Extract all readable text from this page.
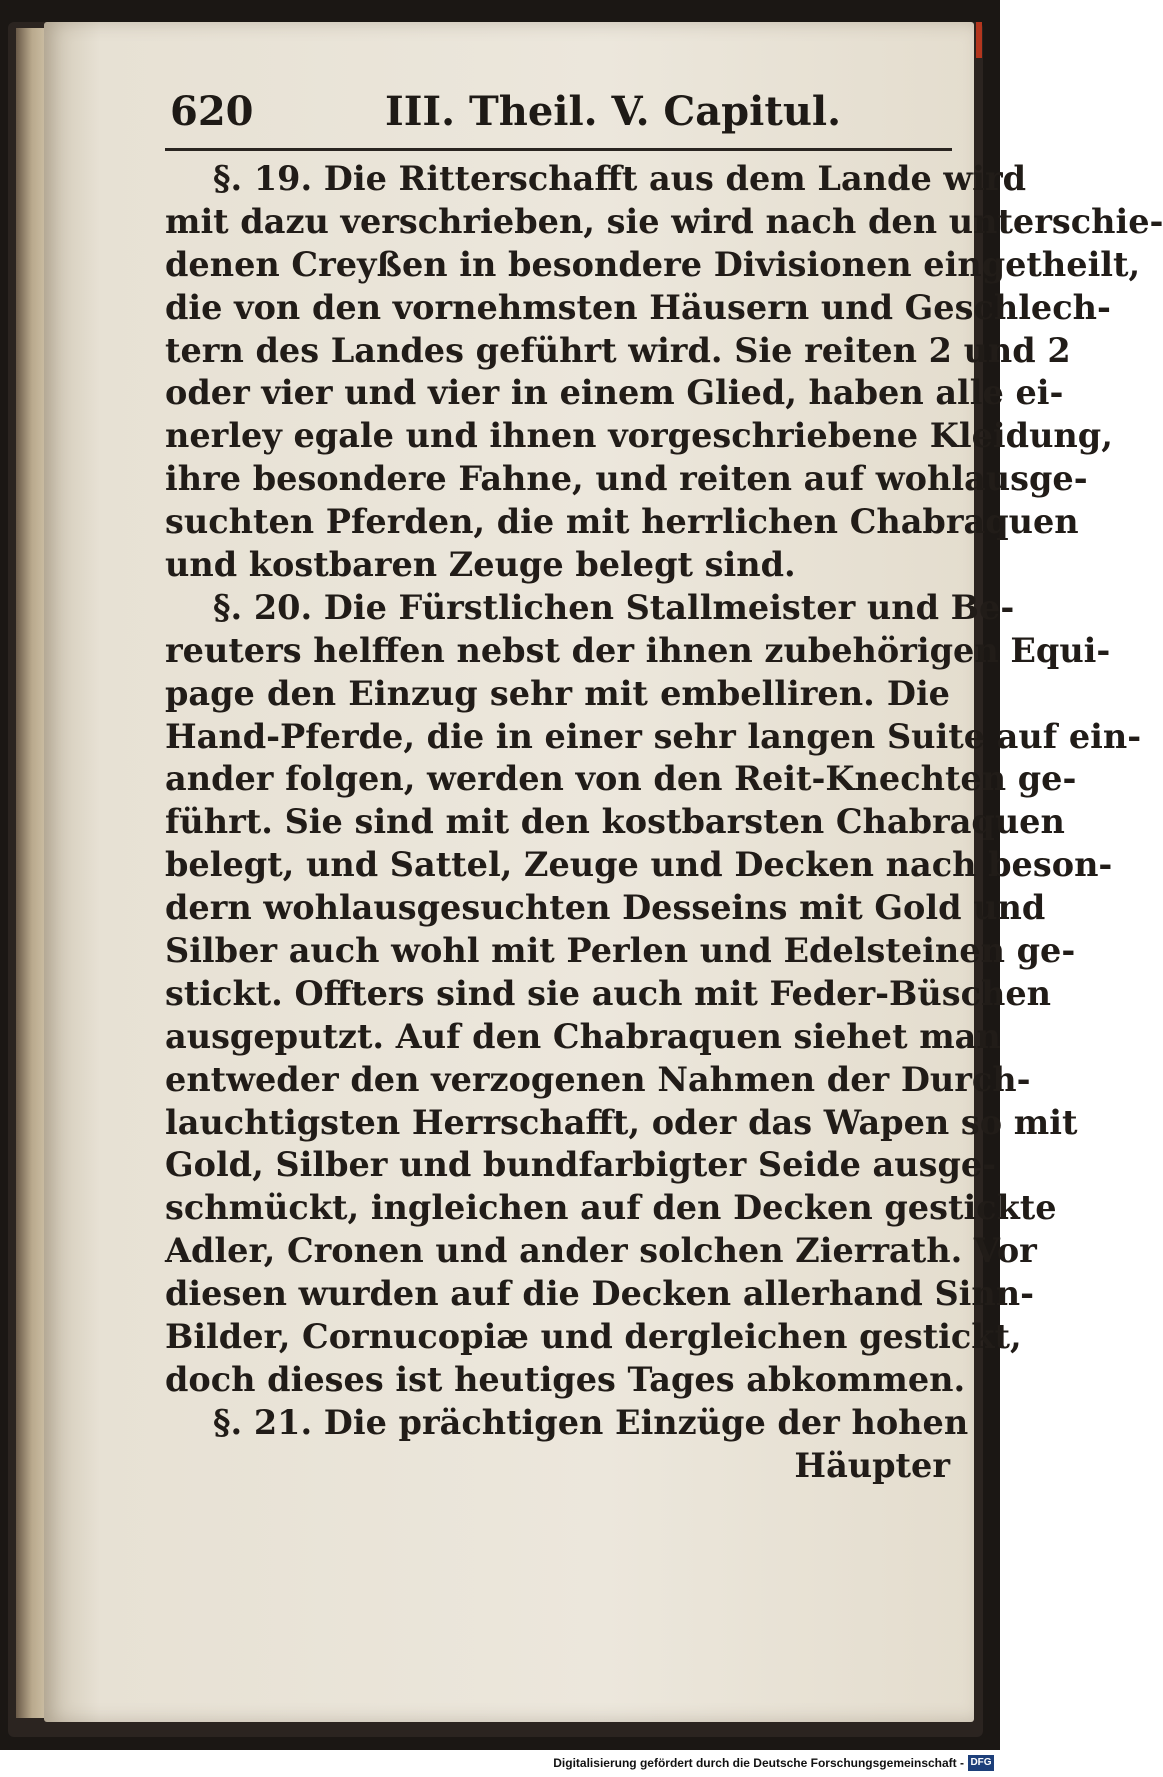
620	III. Theil. V. Capitul.
§. 19. Die Ritterschafft aus dem Lande wird
mit dazu verschrieben, sie wird nach den unterschie-
denen Creyßen in besondere Divisionen eingetheilt,
die von den vornehmsten Häusern und Geschlech-
tern des Landes geführt wird. Sie reiten 2 und 2
oder vier und vier in einem Glied, haben alle ei-
nerley egale und ihnen vorgeschriebene Kleidung,
ihre besondere Fahne, und reiten auf wohlausge-
suchten Pferden, die mit herrlichen Chabraquen
und kostbaren Zeuge belegt sind.
§. 20. Die Fürstlichen Stallmeister und Be-
reuters helffen nebst der ihnen zubehörigen Equi-
page den Einzug sehr mit embelliren. Die
Hand-Pferde, die in einer sehr langen Suite auf ein-
ander folgen, werden von den Reit-Knechten ge-
führt. Sie sind mit den kostbarsten Chabraquen
belegt, und Sattel, Zeuge und Decken nach beson-
dern wohlausgesuchten Desseins mit Gold und
Silber auch wohl mit Perlen und Edelsteinen ge-
stickt. Offters sind sie auch mit Feder-Büschen
ausgeputzt. Auf den Chabraquen siehet man
entweder den verzogenen Nahmen der Durch-
lauchtigsten Herrschafft, oder das Wapen so mit
Gold, Silber und bundfarbigter Seide ausge-
schmückt, ingleichen auf den Decken gestickte
Adler, Cronen und ander solchen Zierrath. Vor
diesen wurden auf die Decken allerhand Sinn-
Bilder, Cornucopiæ und dergleichen gestickt,
doch dieses ist heutiges Tages abkommen.
§. 21. Die prächtigen Einzüge der hohen
Häupter
Digitalisierung gefördert durch die Deutsche Forschungsgemeinschaft - DFG
